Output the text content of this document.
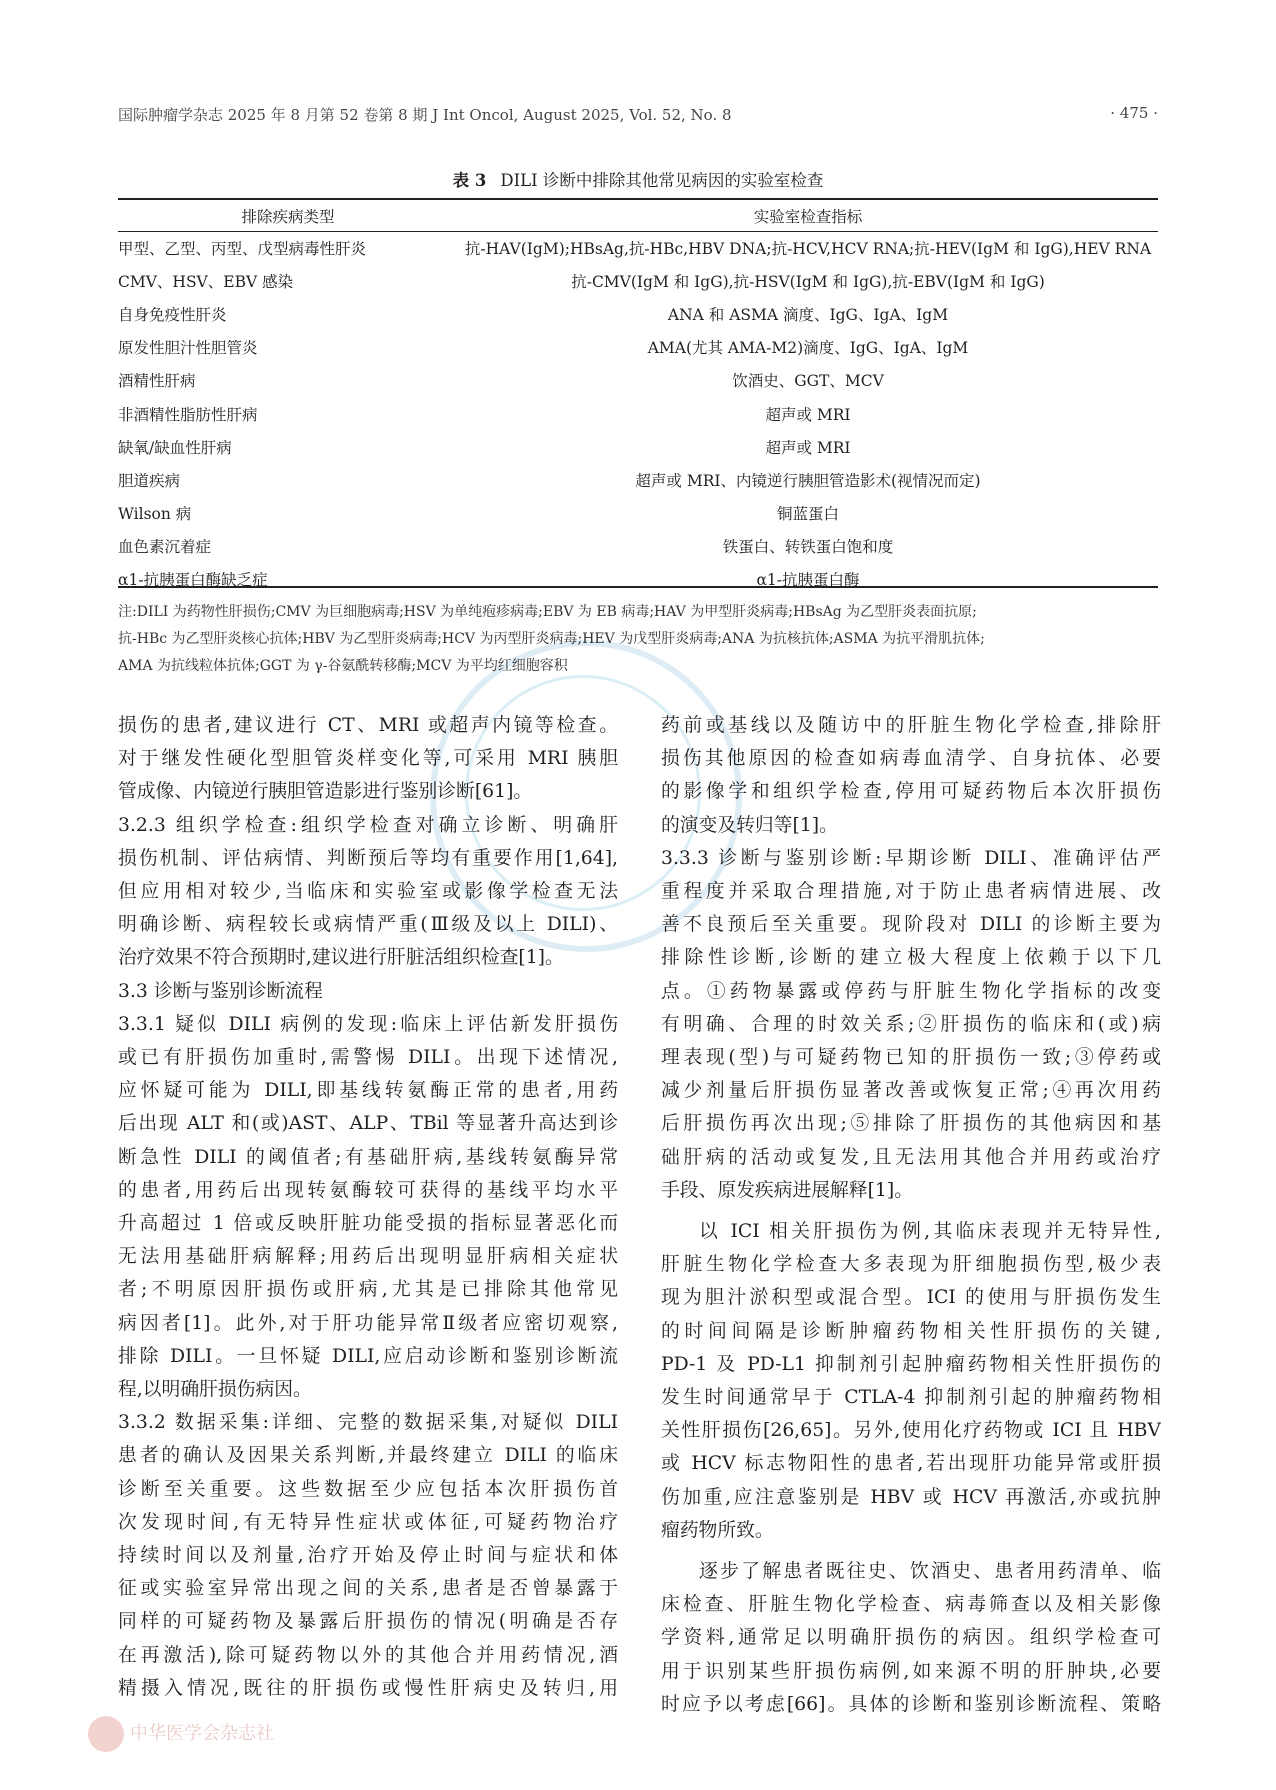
国际肿瘤学杂志 2025 年 8 月第 52 卷第 8 期 J Int Oncol, August 2025, Vol. 52, No. 8	· 475 ·
表 3 DILI 诊断中排除其他常见病因的实验室检查
排除疾病类型	实验室检查指标
甲型、乙型、丙型、戊型病毒性肝炎	抗-HAV(IgM);HBsAg,抗-HBc,HBV DNA;抗-HCV,HCV RNA;抗-HEV(IgM 和 IgG),HEV RNA
CMV、HSV、EBV 感染	抗-CMV(IgM 和 IgG),抗-HSV(IgM 和 IgG),抗-EBV(IgM 和 IgG)
自身免疫性肝炎	ANA 和 ASMA 滴度、IgG、IgA、IgM
原发性胆汁性胆管炎	AMA(尤其 AMA-M2)滴度、IgG、IgA、IgM
酒精性肝病	饮酒史、GGT、MCV
非酒精性脂肪性肝病	超声或 MRI
缺氧/缺血性肝病	超声或 MRI
胆道疾病	超声或 MRI、内镜逆行胰胆管造影术(视情况而定)
Wilson 病	铜蓝蛋白
血色素沉着症	铁蛋白、转铁蛋白饱和度
α1-抗胰蛋白酶缺乏症	α1-抗胰蛋白酶

注:DILI 为药物性肝损伤;CMV 为巨细胞病毒;HSV 为单纯疱疹病毒;EBV 为 EB 病毒;HAV 为甲型肝炎病毒;HBsAg 为乙型肝炎表面抗原;

抗-HBc 为乙型肝炎核心抗体;HBV 为乙型肝炎病毒;HCV 为丙型肝炎病毒;HEV 为戊型肝炎病毒;ANA 为抗核抗体;ASMA 为抗平滑肌抗体;

AMA 为抗线粒体抗体;GGT 为 γ-谷氨酰转移酶;MCV 为平均红细胞容积

损伤的患者,建议进行 CT、MRI 或超声内镜等检查。

对于继发性硬化型胆管炎样变化等,可采用 MRI 胰胆

管成像、内镜逆行胰胆管造影进行鉴别诊断[61]。

3.2.3 组织学检查:组织学检查对确立诊断、明确肝

损伤机制、评估病情、判断预后等均有重要作用[1,64],

但应用相对较少,当临床和实验室或影像学检查无法

明确诊断、病程较长或病情严重(Ⅲ级及以上 DILI)、

治疗效果不符合预期时,建议进行肝脏活组织检查[1]。

3.3 诊断与鉴别诊断流程

3.3.1 疑似 DILI 病例的发现:临床上评估新发肝损伤

或已有肝损伤加重时,需警惕 DILI。出现下述情况,

应怀疑可能为 DILI,即基线转氨酶正常的患者,用药

后出现 ALT 和(或)AST、ALP、TBil 等显著升高达到诊

断急性 DILI 的阈值者;有基础肝病,基线转氨酶异常

的患者,用药后出现转氨酶较可获得的基线平均水平

升高超过 1 倍或反映肝脏功能受损的指标显著恶化而

无法用基础肝病解释;用药后出现明显肝病相关症状

者;不明原因肝损伤或肝病,尤其是已排除其他常见

病因者[1]。此外,对于肝功能异常Ⅱ级者应密切观察,

排除 DILI。一旦怀疑 DILI,应启动诊断和鉴别诊断流

程,以明确肝损伤病因。

3.3.2 数据采集:详细、完整的数据采集,对疑似 DILI

患者的确认及因果关系判断,并最终建立 DILI 的临床

诊断至关重要。这些数据至少应包括本次肝损伤首

次发现时间,有无特异性症状或体征,可疑药物治疗

持续时间以及剂量,治疗开始及停止时间与症状和体

征或实验室异常出现之间的关系,患者是否曾暴露于

同样的可疑药物及暴露后肝损伤的情况(明确是否存

在再激活),除可疑药物以外的其他合并用药情况,酒

精摄入情况,既往的肝损伤或慢性肝病史及转归,用

药前或基线以及随访中的肝脏生物化学检查,排除肝

损伤其他原因的检查如病毒血清学、自身抗体、必要

的影像学和组织学检查,停用可疑药物后本次肝损伤

的演变及转归等[1]。

3.3.3 诊断与鉴别诊断:早期诊断 DILI、准确评估严

重程度并采取合理措施,对于防止患者病情进展、改

善不良预后至关重要。现阶段对 DILI 的诊断主要为

排除性诊断,诊断的建立极大程度上依赖于以下几

点。①药物暴露或停药与肝脏生物化学指标的改变

有明确、合理的时效关系;②肝损伤的临床和(或)病

理表现(型)与可疑药物已知的肝损伤一致;③停药或

减少剂量后肝损伤显著改善或恢复正常;④再次用药

后肝损伤再次出现;⑤排除了肝损伤的其他病因和基

础肝病的活动或复发,且无法用其他合并用药或治疗

手段、原发疾病进展解释[1]。

以 ICI 相关肝损伤为例,其临床表现并无特异性,

肝脏生物化学检查大多表现为肝细胞损伤型,极少表

现为胆汁淤积型或混合型。ICI 的使用与肝损伤发生

的时间间隔是诊断肿瘤药物相关性肝损伤的关键,

PD-1 及 PD-L1 抑制剂引起肿瘤药物相关性肝损伤的

发生时间通常早于 CTLA-4 抑制剂引起的肿瘤药物相

关性肝损伤[26,65]。另外,使用化疗药物或 ICI 且 HBV

或 HCV 标志物阳性的患者,若出现肝功能异常或肝损

伤加重,应注意鉴别是 HBV 或 HCV 再激活,亦或抗肿

瘤药物所致。

逐步了解患者既往史、饮酒史、患者用药清单、临

床检查、肝脏生物化学检查、病毒筛查以及相关影像

学资料,通常足以明确肝损伤的病因。组织学检查可

用于识别某些肝损伤病例,如来源不明的肝肿块,必要

时应予以考虑[66]。具体的诊断和鉴别诊断流程、策略

中华医学会杂志社
